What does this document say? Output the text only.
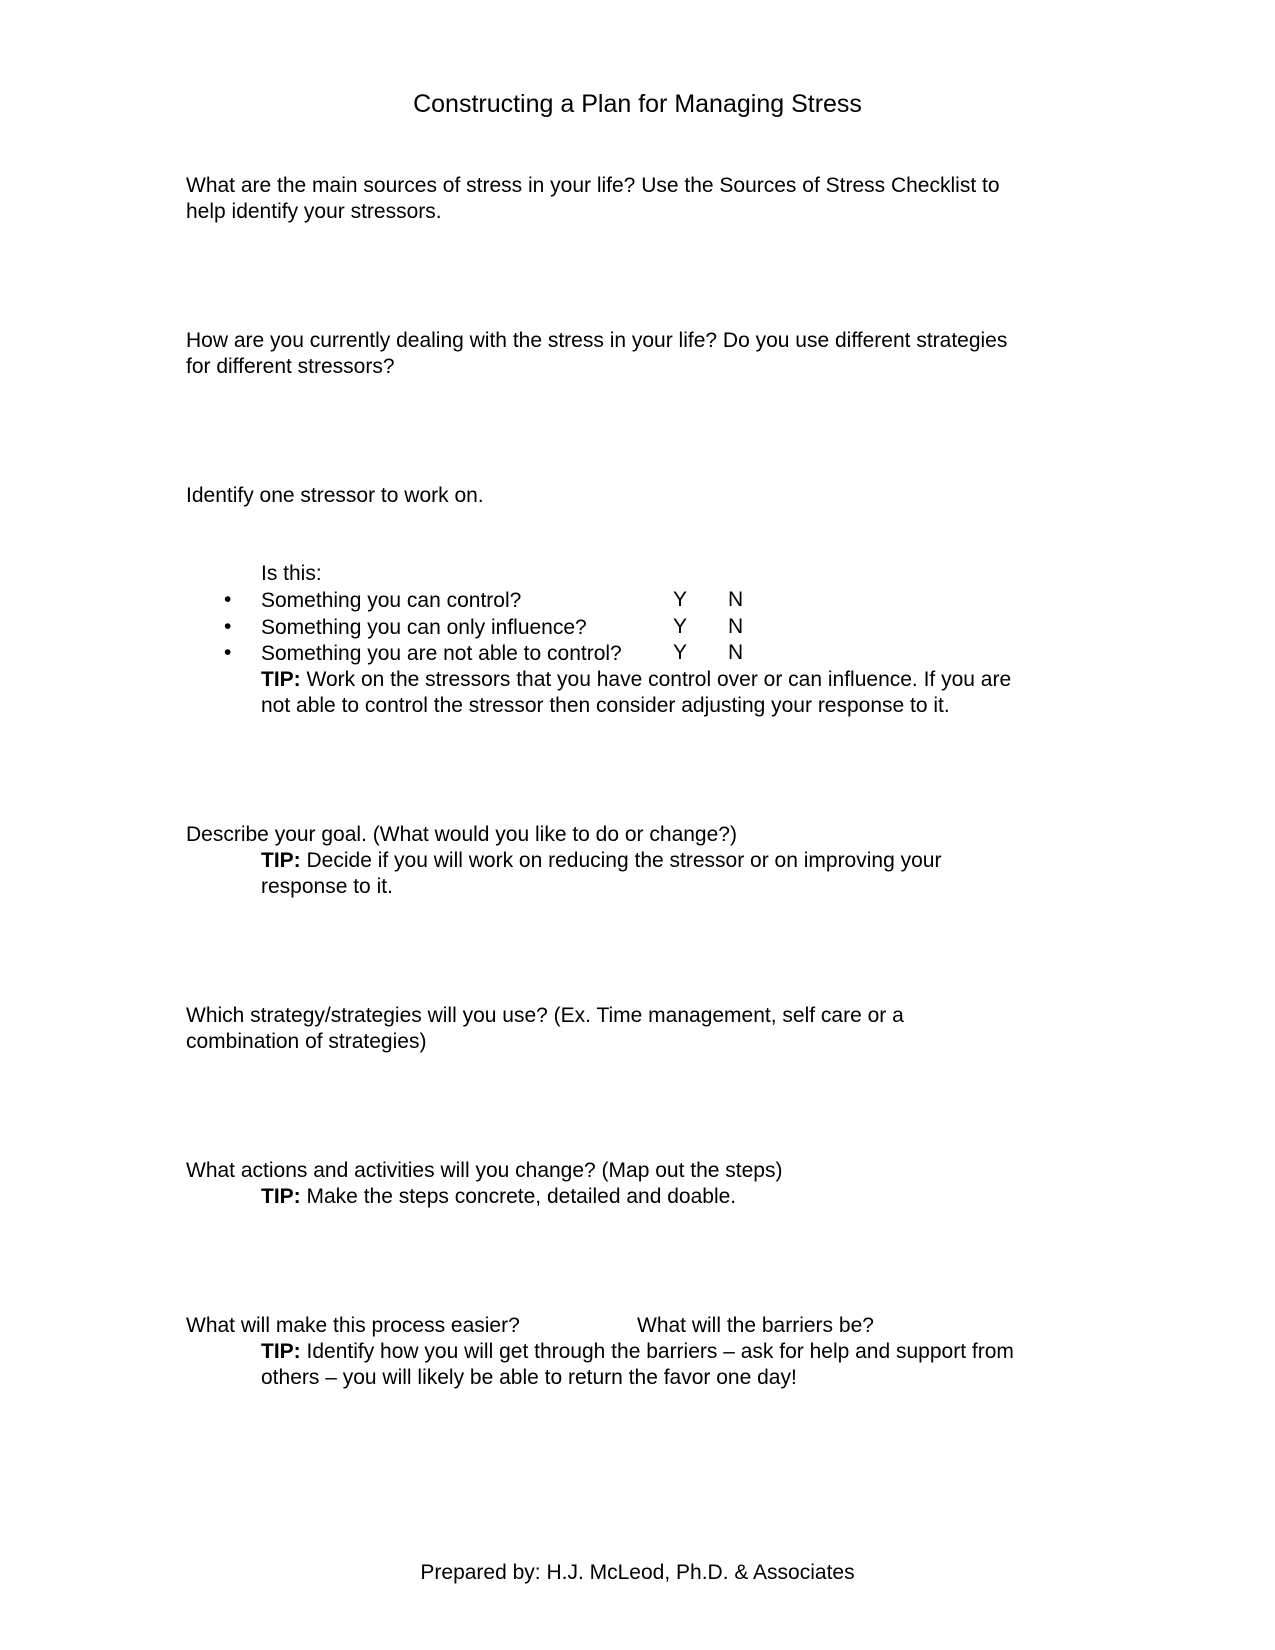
Constructing a Plan for Managing Stress
What are the main sources of stress in your life? Use the Sources of Stress Checklist to
help identify your stressors.
How are you currently dealing with the stress in your life? Do you use different strategies
for different stressors?
Identify one stressor to work on.
Is this:
• Something you can control?	Y N
• Something you can only influence?	Y N
• Something you are not able to control? Y N
TIP: Work on the stressors that you have control over or can influence. If you are
not able to control the stressor then consider adjusting your response to it.
Describe your goal. (What would you like to do or change?)
TIP: Decide if you will work on reducing the stressor or on improving your
response to it.
Which strategy/strategies will you use? (Ex. Time management, self care or a
combination of strategies)
What actions and activities will you change? (Map out the steps)
TIP: Make the steps concrete, detailed and doable.
What will make this process easier?	What will the barriers be?
TIP: Identify how you will get through the barriers – ask for help and support from
others – you will likely be able to return the favor one day!
Prepared by: H.J. McLeod, Ph.D. & Associates
